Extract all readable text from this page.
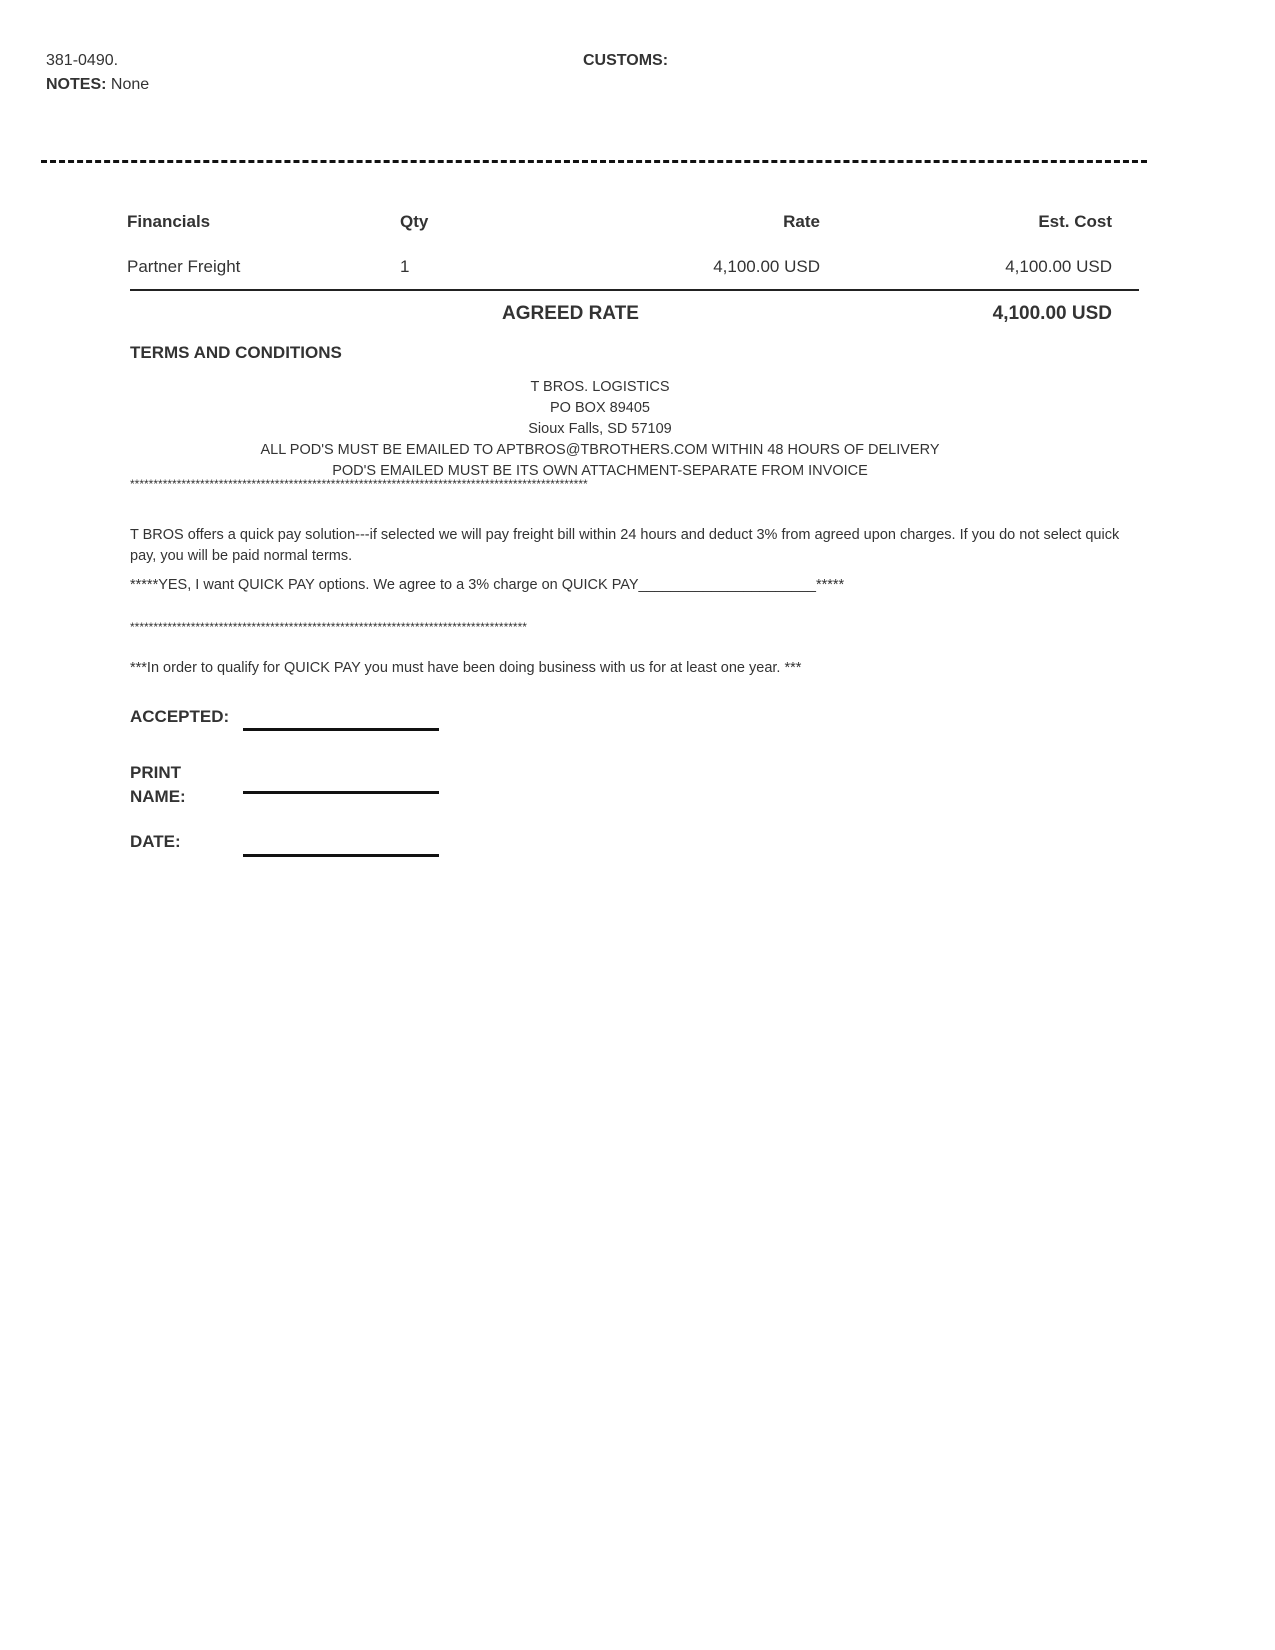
381-0490.	CUSTOMS:
NOTES: None
Financials	Qty	Rate	Est. Cost
Partner Freight	1	4,100.00 USD	4,100.00 USD
AGREED RATE	4,100.00 USD
TERMS AND CONDITIONS
T BROS. LOGISTICS
PO BOX 89405
Sioux Falls, SD 57109
ALL POD'S MUST BE EMAILED TO APTBROS@TBROTHERS.COM WITHIN 48 HOURS OF DELIVERY
POD'S EMAILED MUST BE ITS OWN ATTACHMENT-SEPARATE FROM INVOICE
**************************************************************************************************
T BROS offers a quick pay solution---if selected we will pay freight bill within 24 hours and deduct 3% from agreed upon charges. If you do not select quick pay, you will be paid normal terms.
*****YES, I want QUICK PAY options. We agree to a 3% charge on QUICK PAY______________________*****
*************************************************************************************
***In order to qualify for QUICK PAY you must have been doing business with us for at least one year. ***
ACCEPTED:
PRINT
NAME:
DATE:
